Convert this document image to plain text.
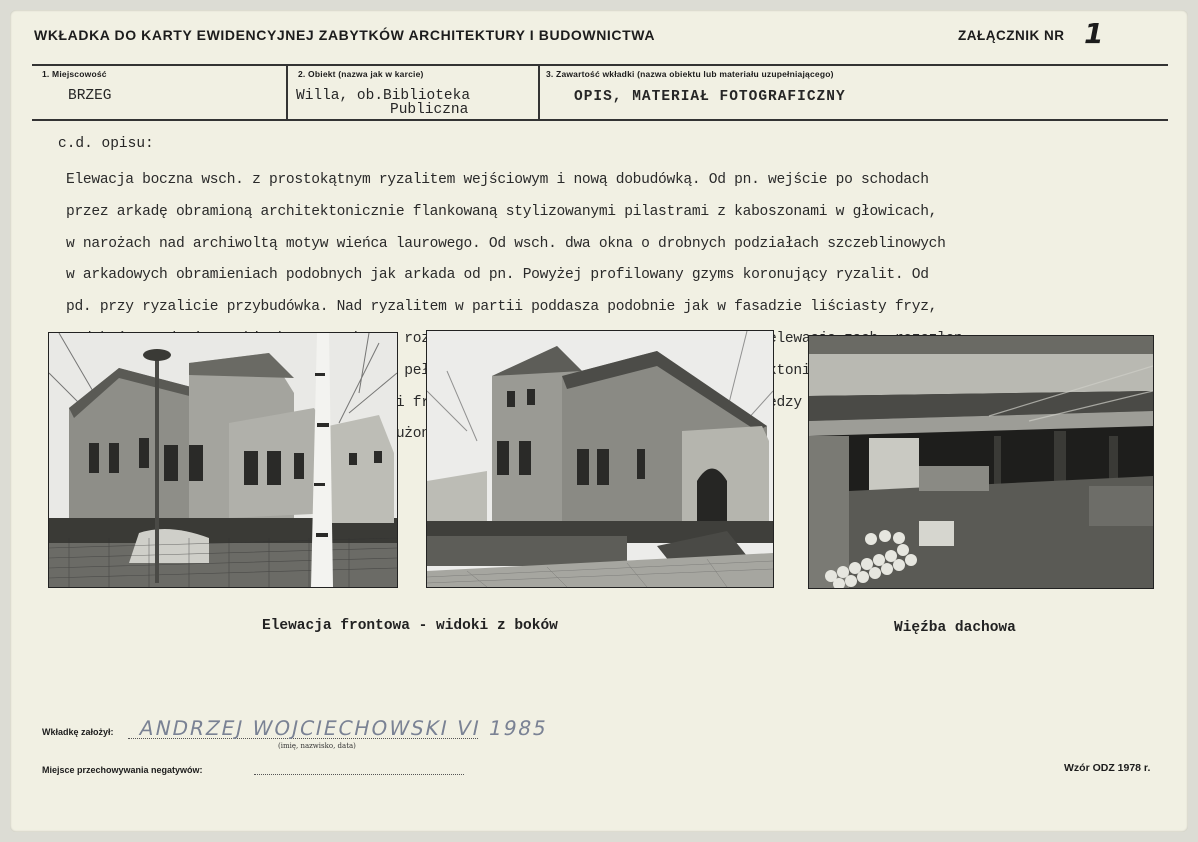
WKŁADKA DO KARTY EWIDENCYJNEJ ZABYTKÓW ARCHITEKTURY I BUDOWNICTWA	ZAŁĄCZNIK NR 1
1. Miejscowość
BRZEG
2. Obiekt (nazwa jak w karcie)
Willa, ob.Biblioteka
Publiczna
3. Zawartość wkładki (nazwa obiektu lub materiału uzupełniającego)
OPIS, MATERIAŁ FOTOGRAFICZNY
c.d. opisu:

Elewacja boczna wsch. z prostokątnym ryzalitem wejściowym i nową dobudówką. Od pn. wejście po schodach

przez arkadę obramioną architektonicznie flankowaną stylizowanymi pilastrami z kaboszonami w głowicach,

w narożach nad archiwoltą motyw wieńca laurowego. Od wsch. dwa okna o drobnych podziałach szczeblinowych

w arkadowych obramieniach podobnych jak arkada od pn. Powyżej profilowany gzyms koronujący ryzalit. Od

pd. przy ryzalicie przybudówka. Nad ryzalitem w partii poddasza podobnie jak w fasadzie liściasty fryz,

elewacja

architektonicznych

między

Elewacja frontowa - widoki z boków	Więźba dachowa
Wkładkę założył: ANDRZEJ WOJCIECHOWSKI VI 1985
(imię, nazwisko, data)
Miejsce przechowywania negatywów:	Wzór ODZ 1978 r.
